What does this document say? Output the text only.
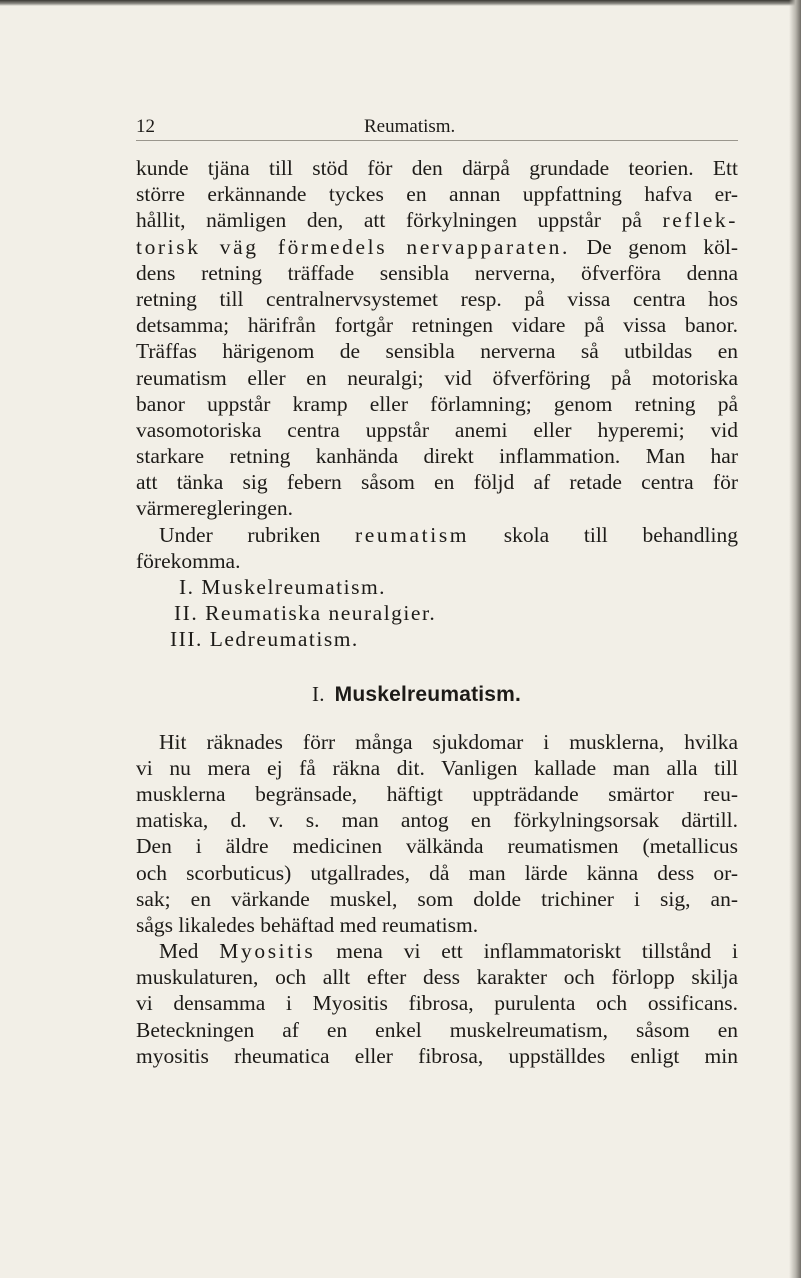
12	Reumatism.
kunde tjäna till stöd för den därpå grundade teorien. Ett
större erkännande tyckes en annan uppfattning hafva er-
hållit, nämligen den, att förkylningen uppstår på reflek-
torisk väg förmedels nervapparaten. De genom köl-
dens retning träffade sensibla nerverna, öfverföra denna
retning till centralnervsystemet resp. på vissa centra hos
detsamma; härifrån fortgår retningen vidare på vissa banor.
Träffas härigenom de sensibla nerverna så utbildas en
reumatism eller en neuralgi; vid öfverföring på motoriska
banor uppstår kramp eller förlamning; genom retning på
vasomotoriska centra uppstår anemi eller hyperemi; vid
starkare retning kanhända direkt inflammation. Man har
att tänka sig febern såsom en följd af retade centra för
värmeregleringen.
Under rubriken reumatism skola till behandling
förekomma.
I. Muskelreumatism.
II. Reumatiska neuralgier.
III. Ledreumatism.
I. Muskelreumatism.
Hit räknades förr många sjukdomar i musklerna, hvilka
vi nu mera ej få räkna dit. Vanligen kallade man alla till
musklerna begränsade, häftigt uppträdande smärtor reu-
matiska, d. v. s. man antog en förkylningsorsak därtill.
Den i äldre medicinen välkända reumatismen (metallicus
och scorbuticus) utgallrades, då man lärde känna dess or-
sak; en värkande muskel, som dolde trichiner i sig, an-
sågs likaledes behäftad med reumatism.
Med Myositis mena vi ett inflammatoriskt tillstånd i
muskulaturen, och allt efter dess karakter och förlopp skilja
vi densamma i Myositis fibrosa, purulenta och ossificans.
Beteckningen af en enkel muskelreumatism, såsom en
myositis rheumatica eller fibrosa, uppställdes enligt min
